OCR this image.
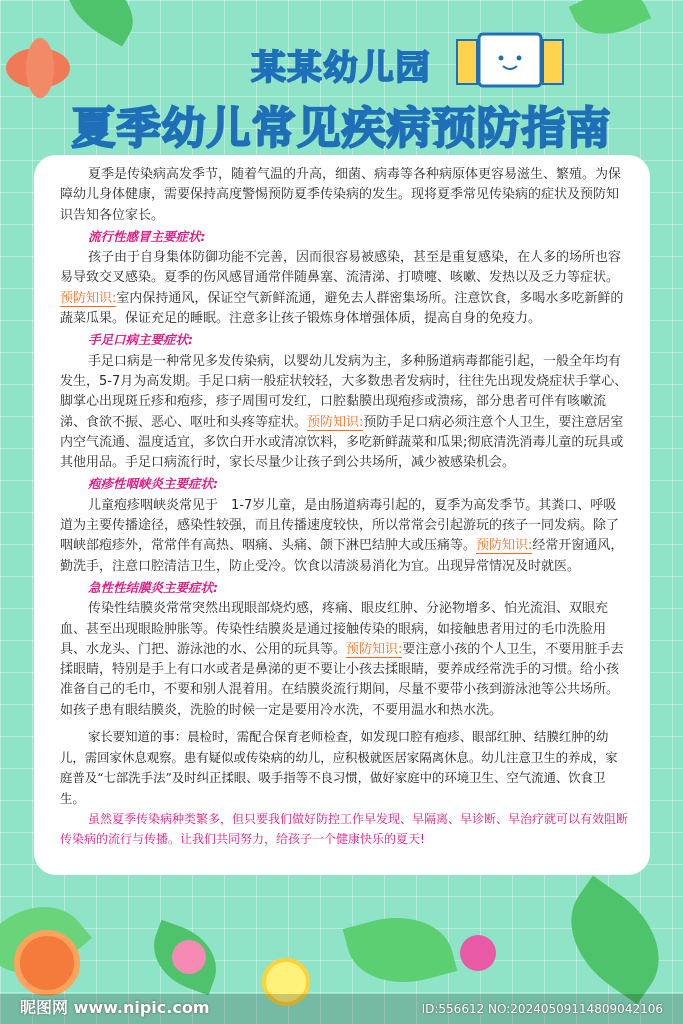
某某幼儿园
夏季幼儿常见疾病预防指南

夏季是传染病高发季节，随着气温的升高，细菌、病毒等各种病原体更容易滋生、繁殖。为保障幼儿身体健康，需要保持高度警惕预防夏季传染病的发生。现将夏季常见传染病的症状及预防知识告知各位家长。

流行性感冒主要症状:

孩子由于自身集体防御功能不完善，因而很容易被感染，甚至是重复感染，在人多的场所也容易导致交叉感染。夏季的伤风感冒通常伴随鼻塞、流清涕、打喷嚏、咳嗽、发热以及乏力等症状。预防知识:室内保持通风，保证空气新鲜流通，避免去人群密集场所。注意饮食，多喝水多吃新鲜的蔬菜瓜果。保证充足的睡眠。注意多让孩子锻炼身体增强体质，提高自身的免疫力。

手足口病主要症状:

手足口病是一种常见多发传染病，以婴幼儿发病为主，多种肠道病毒都能引起，一般全年均有发生，5-7月为高发期。手足口病一般症状较轻，大多数患者发病时，往往先出现发烧症状手掌心、脚掌心出现斑丘疹和疱疹，疹子周围可发红，口腔黏膜出现疱疹或溃疡，部分患者可伴有咳嗽流涕、食欲不振、恶心、呕吐和头疼等症状。预防知识:预防手足口病必须注意个人卫生，要注意居室内空气流通、温度适宜，多饮白开水或清凉饮料，多吃新鲜蔬菜和瓜果;彻底清洗消毒儿童的玩具或其他用品。手足口病流行时，家长尽量少让孩子到公共场所，减少被感染机会。

疱疹性咽峡炎主要症状:

儿童疱疹咽峡炎常见于　1-7岁儿童，是由肠道病毒引起的，夏季为高发季节。其粪口、呼吸道为主要传播途径，感染性较强，而且传播速度较快，所以常常会引起游玩的孩子一同发病。除了咽峡部疱疹外，常常伴有高热、咽痛、头痛、颌下淋巴结肿大或压痛等。预防知识:经常开窗通风，勤洗手，注意口腔清洁卫生，防止受冷。饮食以清淡易消化为宜。出现异常情况及时就医。

急性性结膜炎主要症状:

传染性结膜炎常常突然出现眼部烧灼感，疼痛、眼皮红肿、分泌物增多、怕光流泪、双眼充血、甚至出现眼睑肿胀等。传染性结膜炎是通过接触传染的眼病，如接触患者用过的毛巾洗脸用具、水龙头、门把、游泳池的水、公用的玩具等。预防知识:要注意小孩的个人卫生，不要用脏手去揉眼睛，特别是手上有口水或者是鼻涕的更不要让小孩去揉眼睛，要养成经常洗手的习惯。给小孩准备自己的毛巾，不要和别人混着用。在结膜炎流行期间，尽量不要带小孩到游泳池等公共场所。如孩子患有眼结膜炎，洗脸的时候一定是要用冷水洗，不要用温水和热水洗。

家长要知道的事：晨检时，需配合保育老师检查，如发现口腔有疱疹、眼部红肿、结膜红肿的幼儿，需回家休息观察。患有疑似或传染病的幼儿，应积极就医居家隔离休息。幼儿注意卫生的养成，家庭普及“七部洗手法”及时纠正揉眼、吸手指等不良习惯，做好家庭中的环境卫生、空气流通、饮食卫生。

虽然夏季传染病种类繁多，但只要我们做好防控工作早发现、早隔离、早诊断、早治疗就可以有效阻断传染病的流行与传播。让我们共同努力，给孩子一个健康快乐的夏天!

昵图网 www.nipic.com	ID:556612 NO:20240509114809042106
